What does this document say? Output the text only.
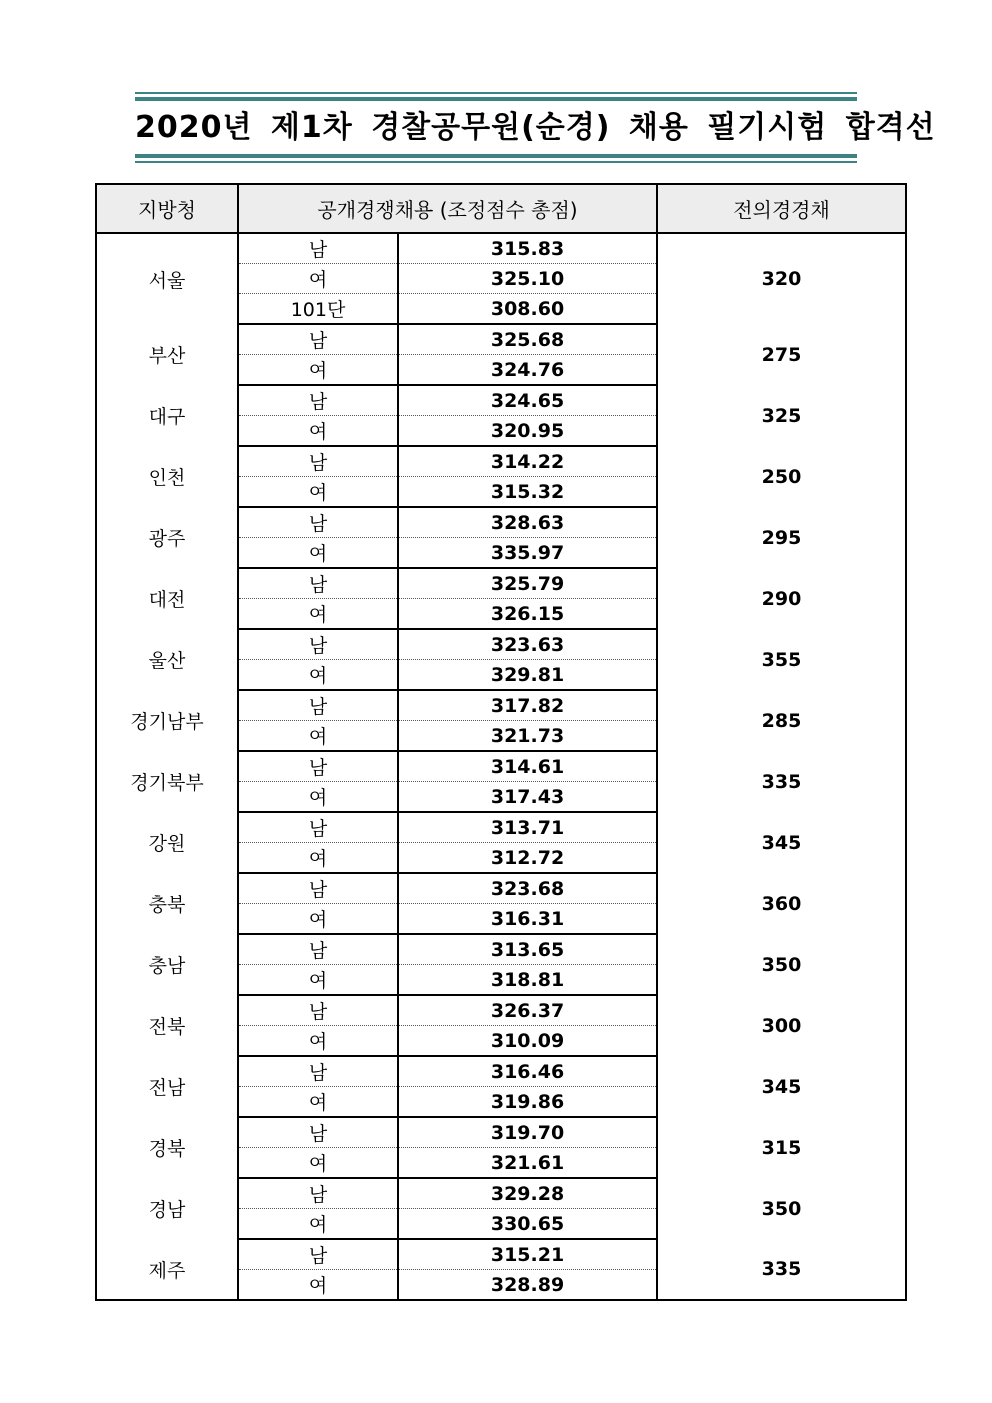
2020년 제1차 경찰공무원(순경) 채용 필기시험 합격선
지방청	공개경쟁채용 (조정점수 총점)		전의경경채
서울	남	315.83	320
	여	325.10	
	101단	308.60	
부산	남	325.68	275
	여	324.76	
대구	남	324.65	325
	여	320.95	
인천	남	314.22	250
	여	315.32	
광주	남	328.63	295
	여	335.97	
대전	남	325.79	290
	여	326.15	
울산	남	323.63	355
	여	329.81	
경기남부	남	317.82	285
	여	321.73	
경기북부	남	314.61	335
	여	317.43	
강원	남	313.71	345
	여	312.72	
충북	남	323.68	360
	여	316.31	
충남	남	313.65	350
	여	318.81	
전북	남	326.37	300
	여	310.09	
전남	남	316.46	345
	여	319.86	
경북	남	319.70	315
	여	321.61	
경남	남	329.28	350
	여	330.65	
제주	남	315.21	335
	여	328.89	
